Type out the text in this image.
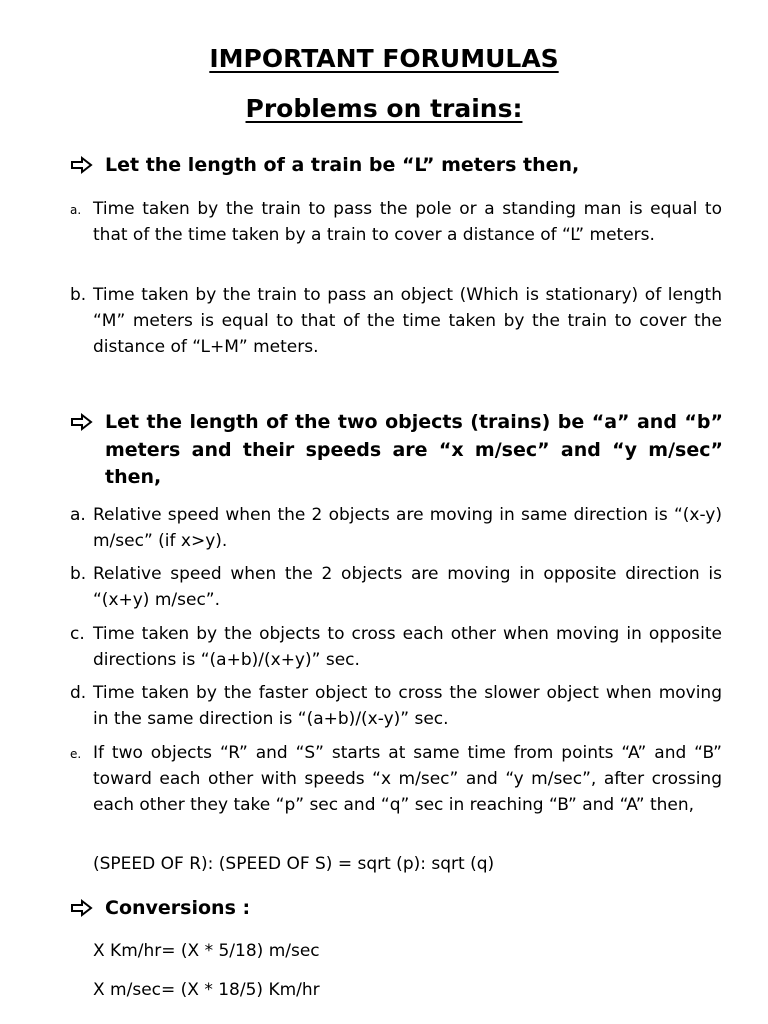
IMPORTANT FORUMULAS
Problems on trains:
Let the length of a train be “L” meters then,
a. Time taken by the train to pass the pole or a standing man is equal to that of the time taken by a train to cover a distance of “L” meters.
b. Time taken by the train to pass an object (Which is stationary) of length “M” meters is equal to that of the time taken by the train to cover the distance of “L+M” meters.
Let the length of the two objects (trains) be “a” and “b” meters and their speeds are “x m/sec” and “y m/sec” then,
a. Relative speed when the 2 objects are moving in same direction is “(x-y) m/sec” (if x>y).
b. Relative speed when the 2 objects are moving in opposite direction is “(x+y) m/sec”.
c. Time taken by the objects to cross each other when moving in opposite directions is “(a+b)/(x+y)” sec.
d. Time taken by the faster object to cross the slower object when moving in the same direction is “(a+b)/(x-y)” sec.
e. If two objects “R” and “S” starts at same time from points “A” and “B” toward each other with speeds “x m/sec” and “y m/sec”, after crossing each other they take “p” sec and “q” sec in reaching “B” and “A” then,
(SPEED OF R): (SPEED OF S) = sqrt (p): sqrt (q)
Conversions :
X Km/hr= (X * 5/18) m/sec
X m/sec= (X * 18/5) Km/hr
